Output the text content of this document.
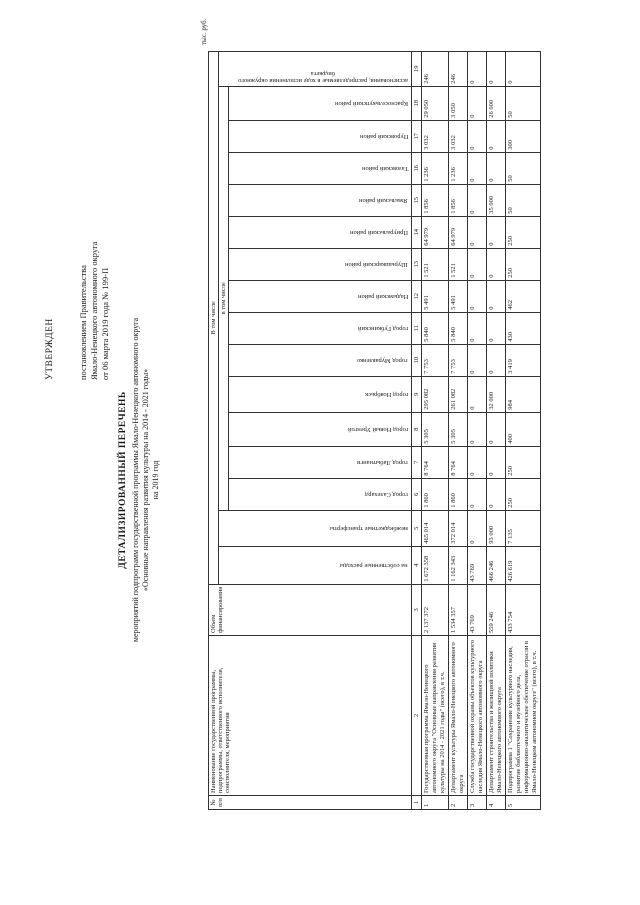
УТВЕРЖДЕН	постановлением Правительства Ямало-Ненецкого автономного округа от 06 марта 2019 года № 199-П
ДЕТАЛИЗИРОВАННЫЙ ПЕРЕЧЕНЬ мероприятий подпрограмм государственной программы Ямало-Ненецкого автономного округа «Основные направления развития культуры на 2014 - 2021 годы» на 2019 год
тыс. руб.
№ п/п	Наименование государственной программы, подпрограммы, ответственного исполнителя, соисполнителя, мероприятия	Объем финансирования	В том числе															
			на собственные расходы	межбюджетные трансферты	в том числе													ассигнования, распределяемые в ходе исполнения окружного бюджета
					город Салехард	город Лабытнанги	город Новый Уренгой	город Ноябрьск	город Муравленко	город Губкинский	Надымский район	Шурышкарский район	Приуральский район	Ямальский район	Тазовский район	Пуровский район	Красноселькупский район	
1	2	3	4	5	6	7	8	9	10	11	12	13	14	15	16	17	18	19
1	Государственная программа Ямало-Ненецкого автономного округа "Основные направления развития культуры на 2014 - 2021 годы" (всего), в т.ч.	2 137 372	1 672 358	465 014	1 860	8 764	5 305	295 082	7 753	5 840	5 491	1 521	64 979	1 856	1 236	3 032	29 050	246
2	Департамент культуры Ямало-Ненецкого автономного округа	1 534 357	1 162 343	372 014	1 860	8 764	5 305	261 082	7 753	5 840	5 491	1 521	64 979	1 856	1 236	3 032	3 050	246
3	Служба государственной охраны объектов культурного наследия Ямало-Ненецкого автономного округа	43 769	43 769	0	0	0	0	0	0	0	0	0	0	0	0	0	0	0
4	Департамент строительства и жилищной политики Ямало-Ненецкого автономного округа	559 246	466 246	93 000	0	0	0	32 000	0	0	0	0	0	35 000	0	0	26 000	0
5	Подпрограмма 1 "Сохранение культурного наследия, развитие библиотечного и музейного дела, информационно-аналитическое обеспечение отрасли в Ямало-Ненецком автономном округе" (всего), в т.ч.	433 754	426 619	7 135	250	250	400	984	3 419	430	462	250	250	50	50	300	50	0
